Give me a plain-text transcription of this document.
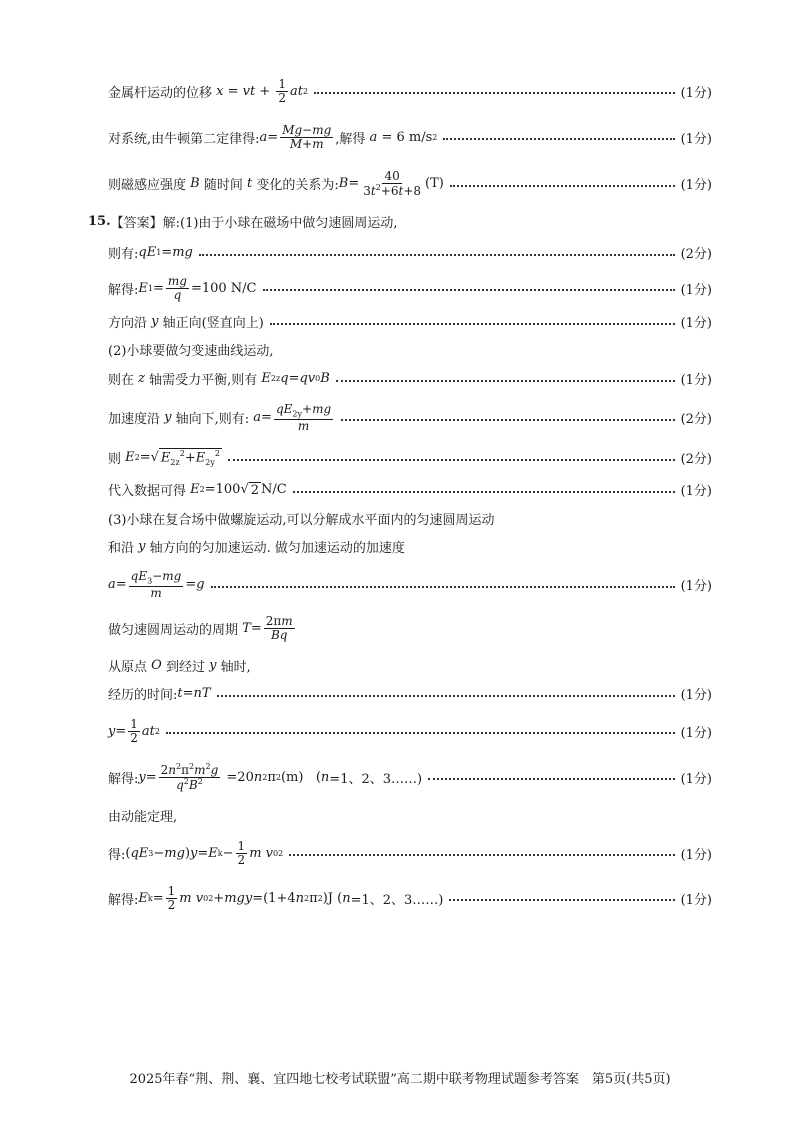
金属杆运动的位移 x = vt + $\frac{1}{2}$ at 2	(1分)
对系统,由牛顿第二定律得: $a = \frac{Mg-mg}{M+m}$ ,解得 a = 6 m/s 2	(1分)
则磁感应强度 B 随时间 t 变化的关系为: $B = \frac{40}{3t^2+6t+8} (T)$	(1分)
15. 【答案】解:(1)由于小球在磁场中做匀速圆周运动,
则有: qE 1 = mg	(2分)
解得: E $1 = \frac{mg}{q} =100$ N/C	(1分)
方向沿 y 轴正向(竖直向上)	(1分)
(2)小球要做匀变速曲线运动,
则在 z 轴需受力平衡,则有 E 2z q = qv 0 B	(1分)
加速度沿 y 轴向下,则有: $a = \frac{qE_{2y}+mg}{m}$	(2分)
则 E 2 =√ $E_{2z}^2+E_{2y}^2$	(2分)
代入数据可得 E 2 =100√ 2 N/C	(1分)
(3)小球在复合场中做螺旋运动,可以分解成水平面内的匀速圆周运动
和沿 y 轴方向的匀加速运动. 做匀加速运动的加速度
$a = \frac{qE_3-mg}{m} = g$	(1分)
做匀速圆周运动的周期 $T = \frac{2\pi m}{Bq}$
从原点 O 到经过 y 轴时,
经历的时间: t = nT	(1分)
$y = \frac{1}{2}$ at 2	(1分)
解得: $y = \frac{2n^2\pi^2m^2g}{q^2B^2} =20$ n 2 π 2 (m)   ( n =1、2、3……)	(1分)
由动能定理,
得: ( qE 3 − mg ) y = E $k - \frac{1}{2}$ m v 0 2	(1分)
解得: E $k = \frac{1}{2}$ m v 0 2 + mgy =(1+4 n 2 π 2 )J ( n =1、2、3……)	(1分)
2025年春“荆、荆、襄、宜四地七校考试联盟”高二期中联考物理试题参考答案　第5页(共5页)
